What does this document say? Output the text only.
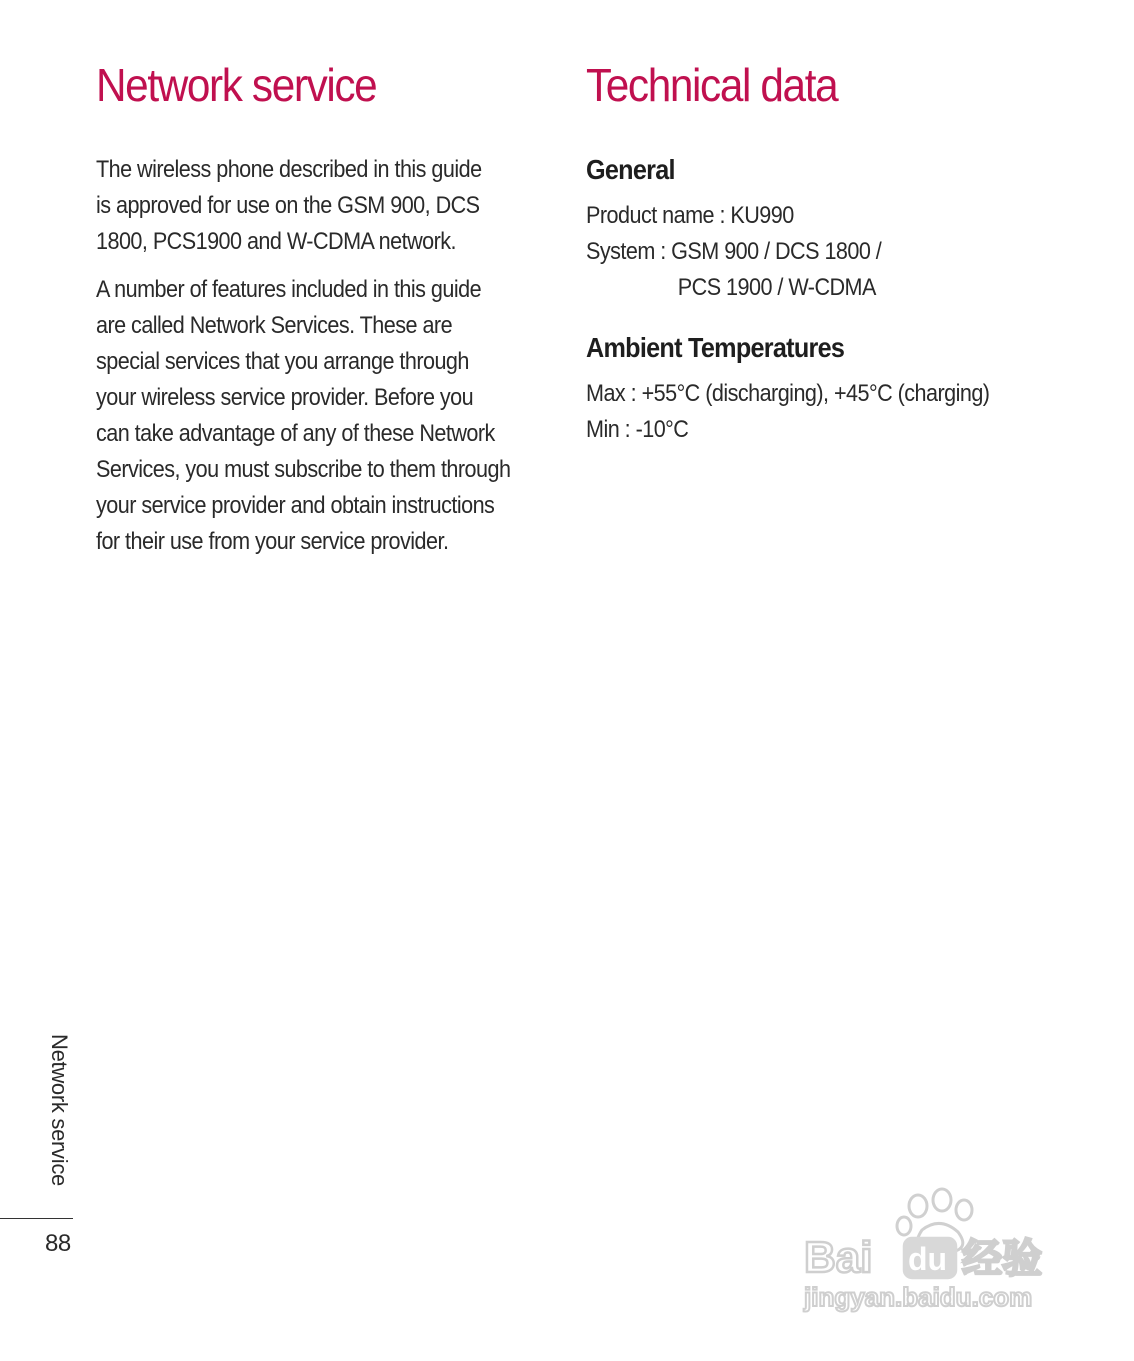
Network service	Technical data

The wireless phone described in this guide
is approved for use on the GSM 900, DCS
1800, PCS1900 and W-CDMA network.

A number of features included in this guide
are called Network Services. These are
special services that you arrange through
your wireless service provider. Before you
can take advantage of any of these Network
Services, you must subscribe to them through
your service provider and obtain instructions
for their use from your service provider.

General
Product name : KU990
System : GSM 900 / DCS 1800 /
PCS 1900 / W-CDMA
Ambient Temperatures
Max : +55°C (discharging), +45°C (charging)
Min : -10°C
Network service
88	Bai du 经验
jingyan.baidu.com
